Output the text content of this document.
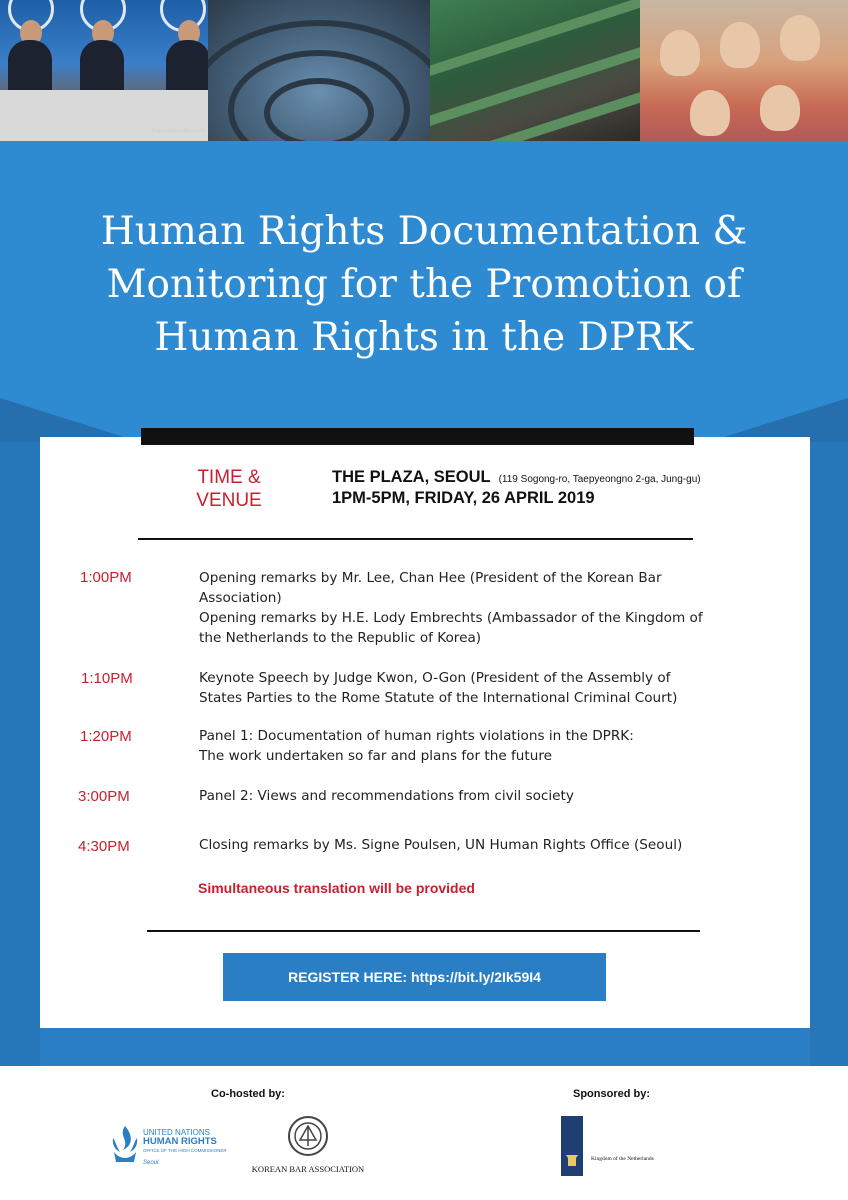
Photo: UN/Jean-Marc Ferré
Human Rights Documentation &
Monitoring for the Promotion of
Human Rights in the DPRK
TIME &
VENUE
THE PLAZA, SEOUL (119 Sogong-ro, Taepyeongno 2-ga, Jung-gu)
1PM-5PM, FRIDAY, 26 APRIL 2019
1:00PM	Opening remarks by Mr. Lee, Chan Hee (President of the Korean Bar
Association)
Opening remarks by H.E. Lody Embrechts (Ambassador of the Kingdom of
the Netherlands to the Republic of Korea)
1:10PM	Keynote Speech by Judge Kwon, O-Gon (President of the Assembly of
States Parties to the Rome Statute of the International Criminal Court)
1:20PM	Panel 1: Documentation of human rights violations in the DPRK:
The work undertaken so far and plans for the future
3:00PM	Panel 2: Views and recommendations from civil society
4:30PM	Closing remarks by Ms. Signe Poulsen, UN Human Rights Office (Seoul)
Simultaneous translation will be provided
REGISTER HERE: https://bit.ly/2Ik59I4
Co-hosted by:	Sponsored by:
UNITED NATIONS
HUMAN RIGHTS
OFFICE OF THE HIGH COMMISSIONER
Seoul
KOREAN BAR ASSOCIATION
Kingdom of the Netherlands
